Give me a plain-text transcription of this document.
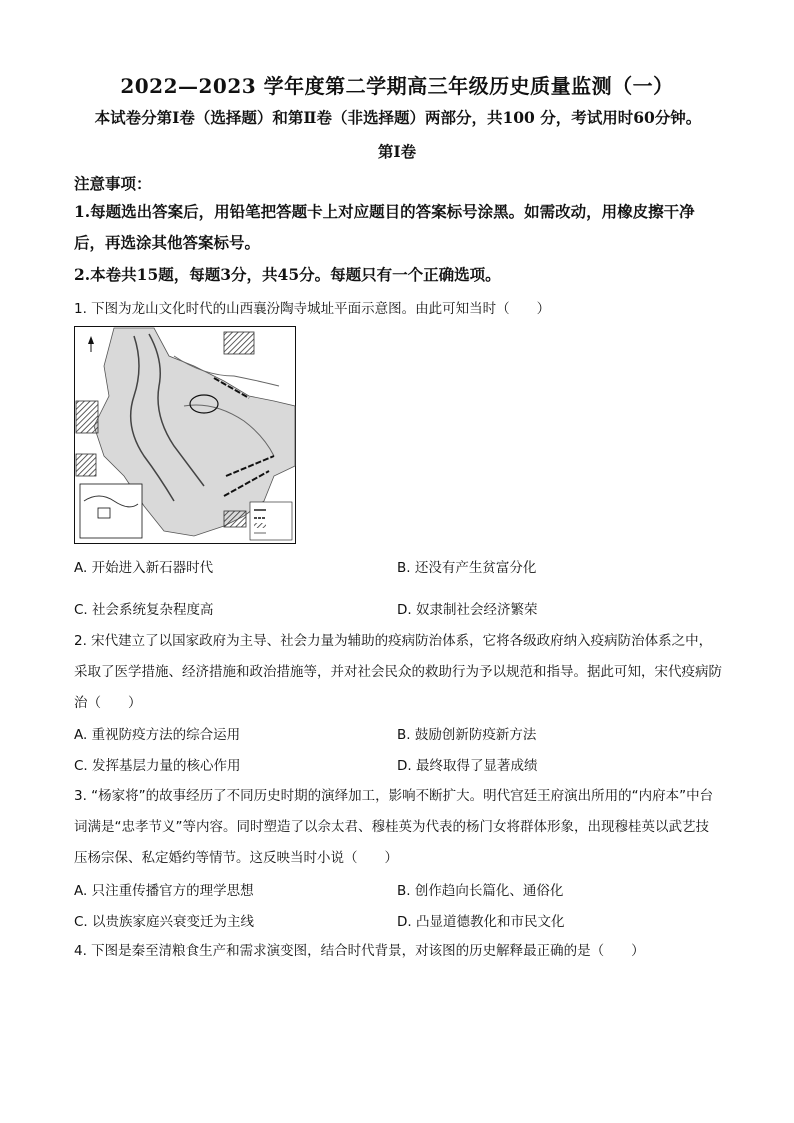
2022—2023 学年度第二学期高三年级历史质量监测（一）
本试卷分第Ⅰ卷（选择题）和第Ⅱ卷（非选择题）两部分，共100 分，考试用时60分钟。
第Ⅰ卷
注意事项：
1.每题选出答案后，用铅笔把答题卡上对应题目的答案标号涂黑。如需改动，用橡皮擦干净后，再选涂其他答案标号。
2.本卷共15题，每题3分，共45分。每题只有一个正确选项。
1. 下图为龙山文化时代的山西襄汾陶寺城址平面示意图。由此可知当时（　　）
A. 开始进入新石器时代	B. 还没有产生贫富分化
C. 社会系统复杂程度高	D. 奴隶制社会经济繁荣
2. 宋代建立了以国家政府为主导、社会力量为辅助的疫病防治体系，它将各级政府纳入疫病防治体系之中，采取了医学措施、经济措施和政治措施等，并对社会民众的救助行为予以规范和指导。据此可知，宋代疫病防治（　　）
A. 重视防疫方法的综合运用	B. 鼓励创新防疫新方法
C. 发挥基层力量的核心作用	D. 最终取得了显著成绩
3. “杨家将”的故事经历了不同历史时期的演绎加工，影响不断扩大。明代宫廷王府演出所用的“内府本”中台词满是“忠孝节义”等内容。同时塑造了以佘太君、穆桂英为代表的杨门女将群体形象，出现穆桂英以武艺技压杨宗保、私定婚约等情节。这反映当时小说（　　）
A. 只注重传播官方的理学思想	B. 创作趋向长篇化、通俗化
C. 以贵族家庭兴衰变迁为主线	D. 凸显道德教化和市民文化
4. 下图是秦至清粮食生产和需求演变图，结合时代背景，对该图的历史解释最正确的是（　　）
